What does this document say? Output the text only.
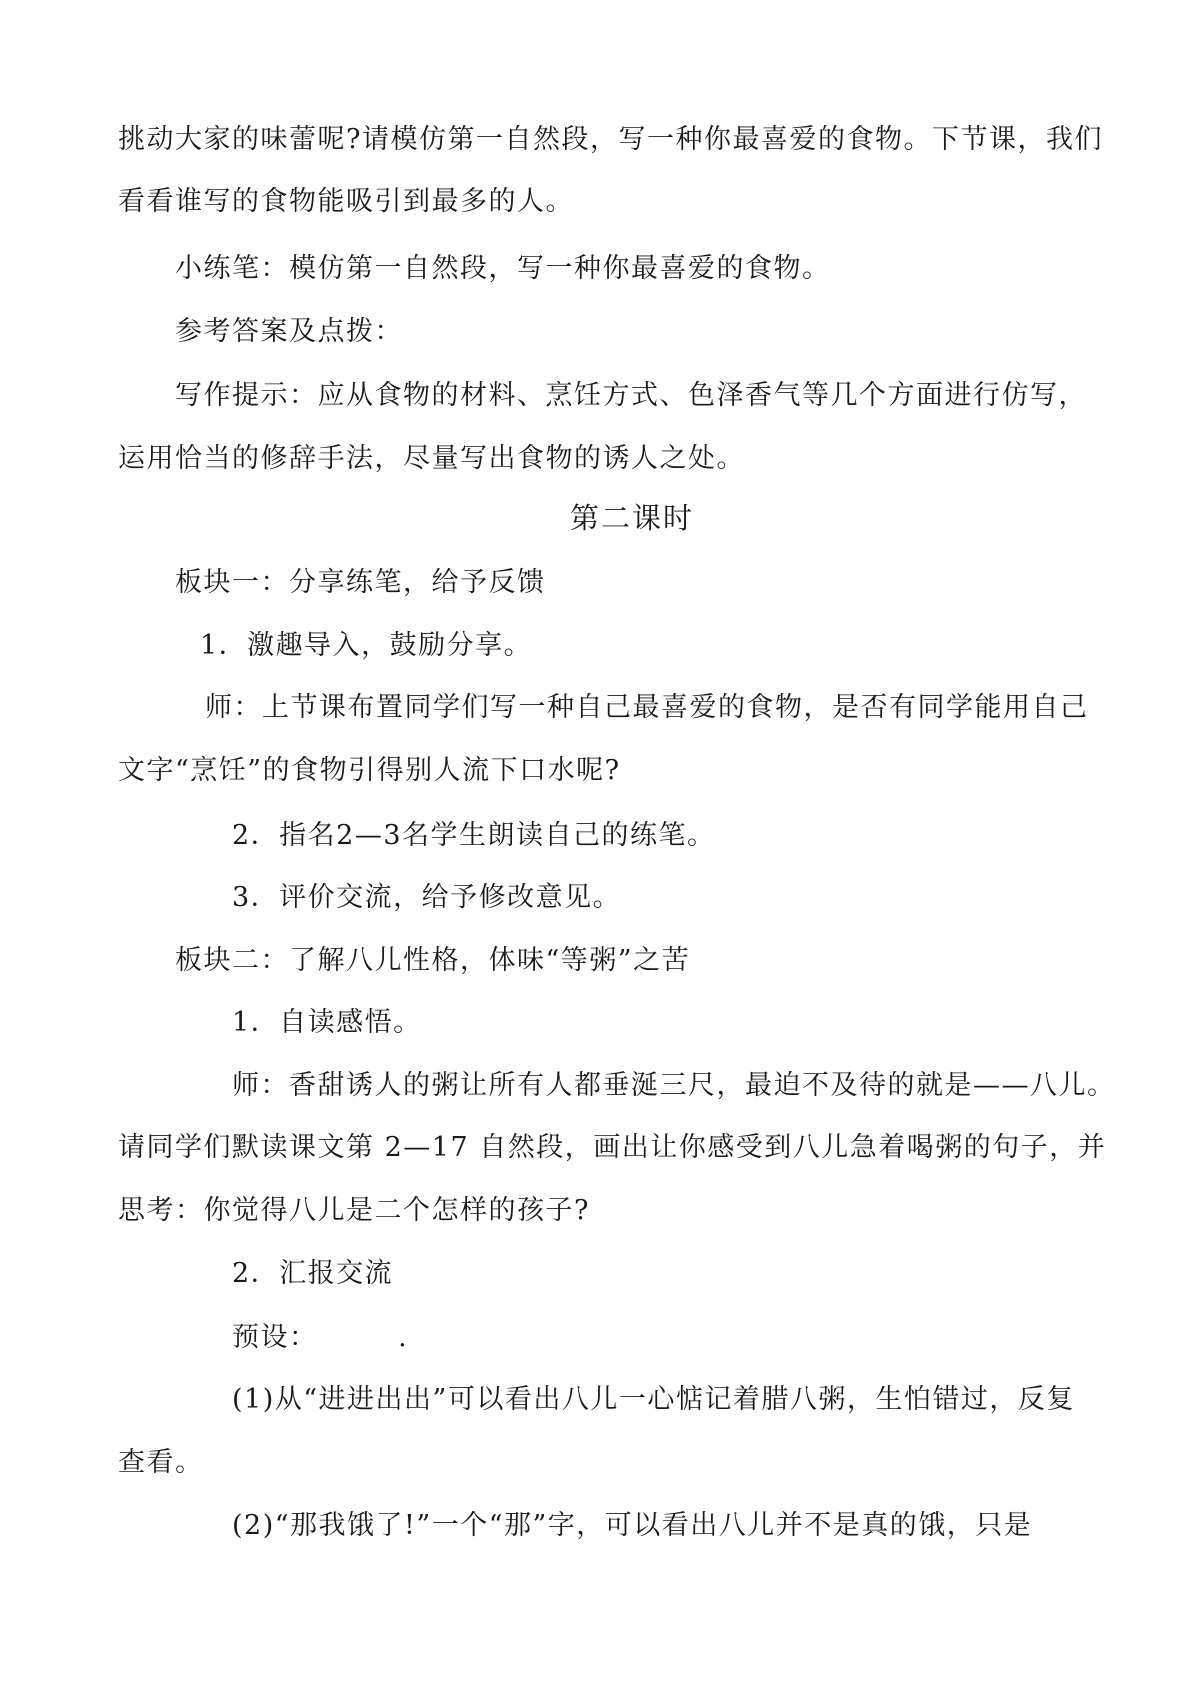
挑动大家的味蕾呢?请模仿第一自然段，写一种你最喜爱的食物。下节课，我们
看看谁写的食物能吸引到最多的人。
小练笔：模仿第一自然段，写一种你最喜爱的食物。
参考答案及点拨：
写作提示：应从食物的材料、烹饪方式、色泽香气等几个方面进行仿写，
运用恰当的修辞手法，尽量写出食物的诱人之处。
第二课时
板块一：分享练笔，给予反馈
1．激趣导入，鼓励分享。
师：上节课布置同学们写一种自己最喜爱的食物，是否有同学能用自己
文字“烹饪”的食物引得别人流下口水呢?
2．指名2—3名学生朗读自己的练笔。
3．评价交流，给予修改意见。
板块二：了解八儿性格，体味“等粥”之苦
1．自读感悟。
师：香甜诱人的粥让所有人都垂涎三尺，最迫不及待的就是——八儿。
请同学们默读课文第 2—17 自然段，画出让你感受到八儿急着喝粥的句子，并
思考：你觉得八儿是二个怎样的孩子?
2．汇报交流
预设：        .
(1)从“进进出出”可以看出八儿一心惦记着腊八粥，生怕错过，反复
查看。
(2)“那我饿了!”一个“那”字，可以看出八儿并不是真的饿，只是
